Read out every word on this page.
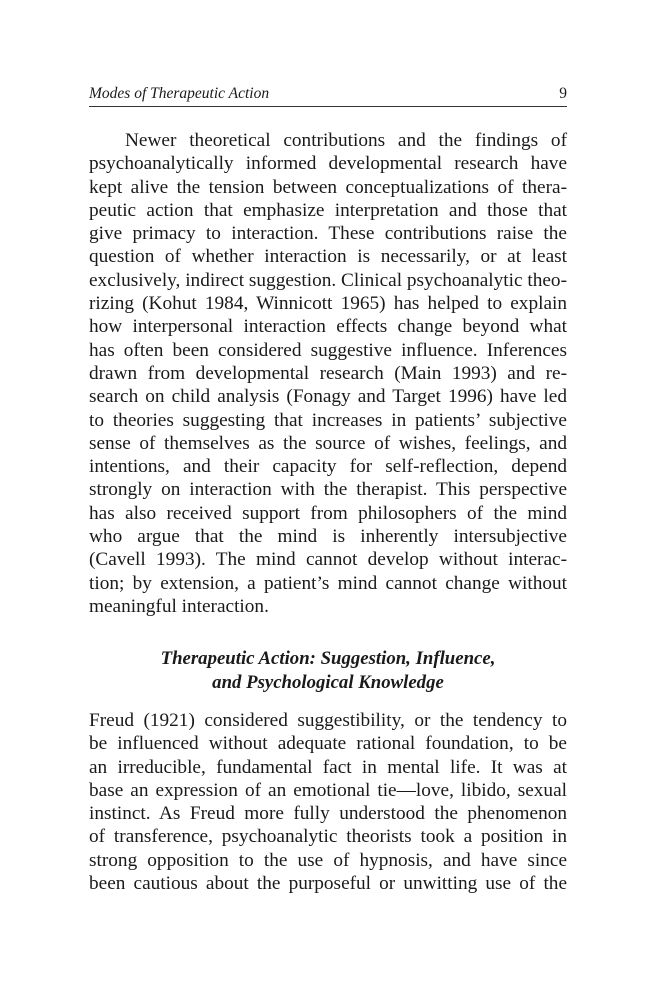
Modes of Therapeutic Action	9
Newer theoretical contributions and the findings of
psychoanalytically informed developmental research have
kept alive the tension between conceptualizations of thera-
peutic action that emphasize interpretation and those that
give primacy to interaction. These contributions raise the
question of whether interaction is necessarily, or at least
exclusively, indirect suggestion. Clinical psychoanalytic theo-
rizing (Kohut 1984, Winnicott 1965) has helped to explain
how interpersonal interaction effects change beyond what
has often been considered suggestive influence. Inferences
drawn from developmental research (Main 1993) and re-
search on child analysis (Fonagy and Target 1996) have led
to theories suggesting that increases in patients’ subjective
sense of themselves as the source of wishes, feelings, and
intentions, and their capacity for self-reflection, depend
strongly on interaction with the therapist. This perspective
has also received support from philosophers of the mind
who argue that the mind is inherently intersubjective
(Cavell 1993). The mind cannot develop without interac-
tion; by extension, a patient’s mind cannot change without
meaningful interaction.
Therapeutic Action: Suggestion, Influence,
and Psychological Knowledge
Freud (1921) considered suggestibility, or the tendency to
be influenced without adequate rational foundation, to be
an irreducible, fundamental fact in mental life. It was at
base an expression of an emotional tie—love, libido, sexual
instinct. As Freud more fully understood the phenomenon
of transference, psychoanalytic theorists took a position in
strong opposition to the use of hypnosis, and have since
been cautious about the purposeful or unwitting use of the
